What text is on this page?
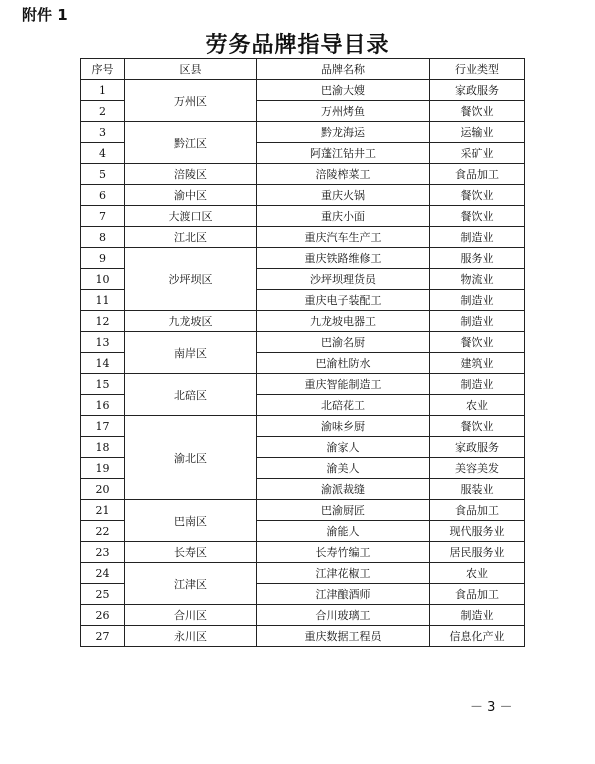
附件 1
劳务品牌指导目录
序号	区县	品牌名称	行业类型
1	万州区	巴渝大嫂	家政服务
2		万州烤鱼	餐饮业
3	黔江区	黔龙海运	运输业
4		阿蓬江钻井工	采矿业
5	涪陵区	涪陵榨菜工	食品加工
6	渝中区	重庆火锅	餐饮业
7	大渡口区	重庆小面	餐饮业
8	江北区	重庆汽车生产工	制造业
9	沙坪坝区	重庆铁路维修工	服务业
10		沙坪坝理货员	物流业
11		重庆电子装配工	制造业
12	九龙坡区	九龙坡电器工	制造业
13	南岸区	巴渝名厨	餐饮业
14		巴渝杜防水	建筑业
15	北碚区	重庆智能制造工	制造业
16		北碚花工	农业
17	渝北区	渝味乡厨	餐饮业
18		渝家人	家政服务
19		渝美人	美容美发
20		渝派裁缝	服装业
21	巴南区	巴渝厨匠	食品加工
22		渝能人	现代服务业
23	长寿区	长寿竹编工	居民服务业
24	江津区	江津花椒工	农业
25		江津酿酒师	食品加工
26	合川区	合川玻璃工	制造业
27	永川区	重庆数据工程员	信息化产业
－ 3 －
